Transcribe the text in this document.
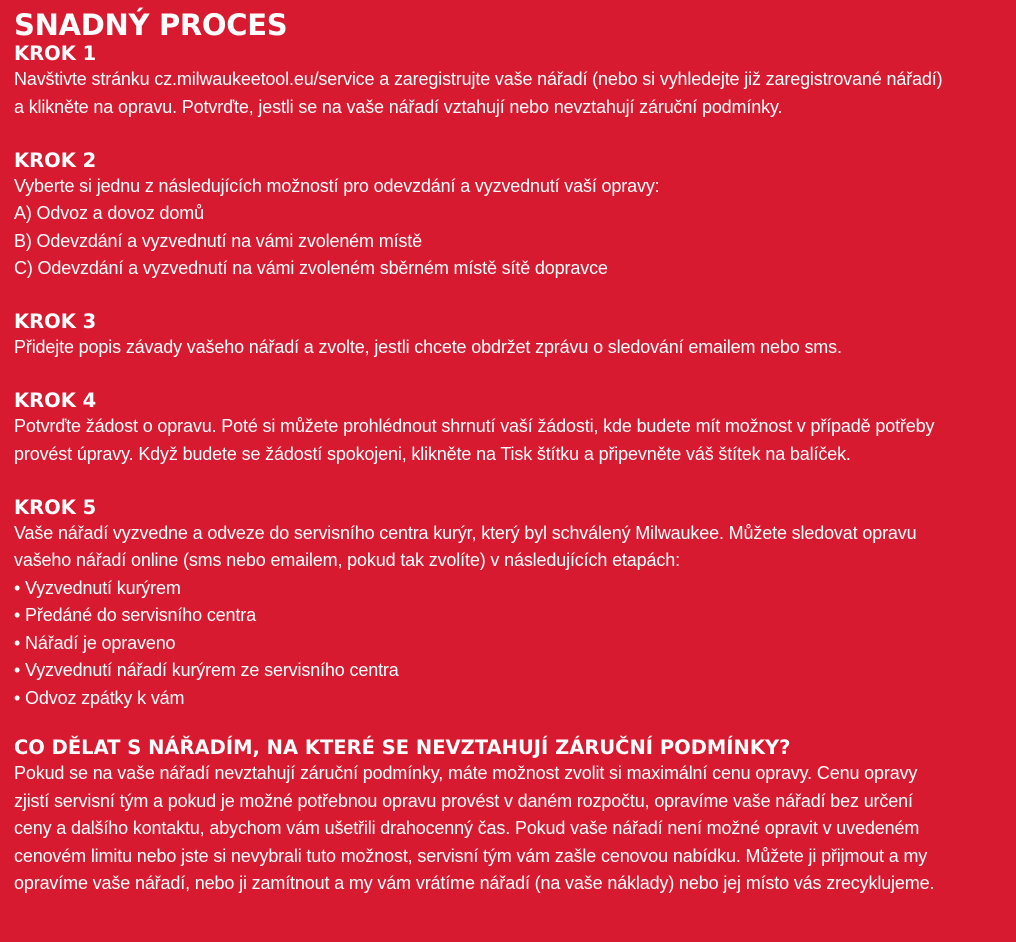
SNADNÝ PROCES
KROK 1

Navštivte stránku cz.milwaukeetool.eu/service a zaregistrujte vaše nářadí (nebo si vyhledejte již zaregistrované nářadí)

a klikněte na opravu. Potvrďte, jestli se na vaše nářadí vztahují nebo nevztahují záruční podmínky.

KROK 2

Vyberte si jednu z následujících možností pro odevzdání a vyzvednutí vaší opravy:

A) Odvoz a dovoz domů

B) Odevzdání a vyzvednutí na vámi zvoleném místě

C) Odevzdání a vyzvednutí na vámi zvoleném sběrném místě sítě dopravce

KROK 3

Přidejte popis závady vašeho nářadí a zvolte, jestli chcete obdržet zprávu o sledování emailem nebo sms.

KROK 4

Potvrďte žádost o opravu. Poté si můžete prohlédnout shrnutí vaší žádosti, kde budete mít možnost v případě potřeby

provést úpravy. Když budete se žádostí spokojeni, klikněte na Tisk štítku a připevněte váš štítek na balíček.

KROK 5

Vaše nářadí vyzvedne a odveze do servisního centra kurýr, který byl schválený Milwaukee. Můžete sledovat opravu

vašeho nářadí online (sms nebo emailem, pokud tak zvolíte) v následujících etapách:

• Vyzvednutí kurýrem

• Předáné do servisního centra

• Nářadí je opraveno

• Vyzvednutí nářadí kurýrem ze servisního centra

• Odvoz zpátky k vám

CO DĚLAT S NÁŘADÍM, NA KTERÉ SE NEVZTAHUJÍ ZÁRUČNÍ PODMÍNKY?

Pokud se na vaše nářadí nevztahují záruční podmínky, máte možnost zvolit si maximální cenu opravy. Cenu opravy

zjistí servisní tým a pokud je možné potřebnou opravu provést v daném rozpočtu, opravíme vaše nářadí bez určení

ceny a dalšího kontaktu, abychom vám ušetřili drahocenný čas. Pokud vaše nářadí není možné opravit v uvedeném

cenovém limitu nebo jste si nevybrali tuto možnost, servisní tým vám zašle cenovou nabídku. Můžete ji přijmout a my

opravíme vaše nářadí, nebo ji zamítnout a my vám vrátíme nářadí (na vaše náklady) nebo jej místo vás zrecyklujeme.
